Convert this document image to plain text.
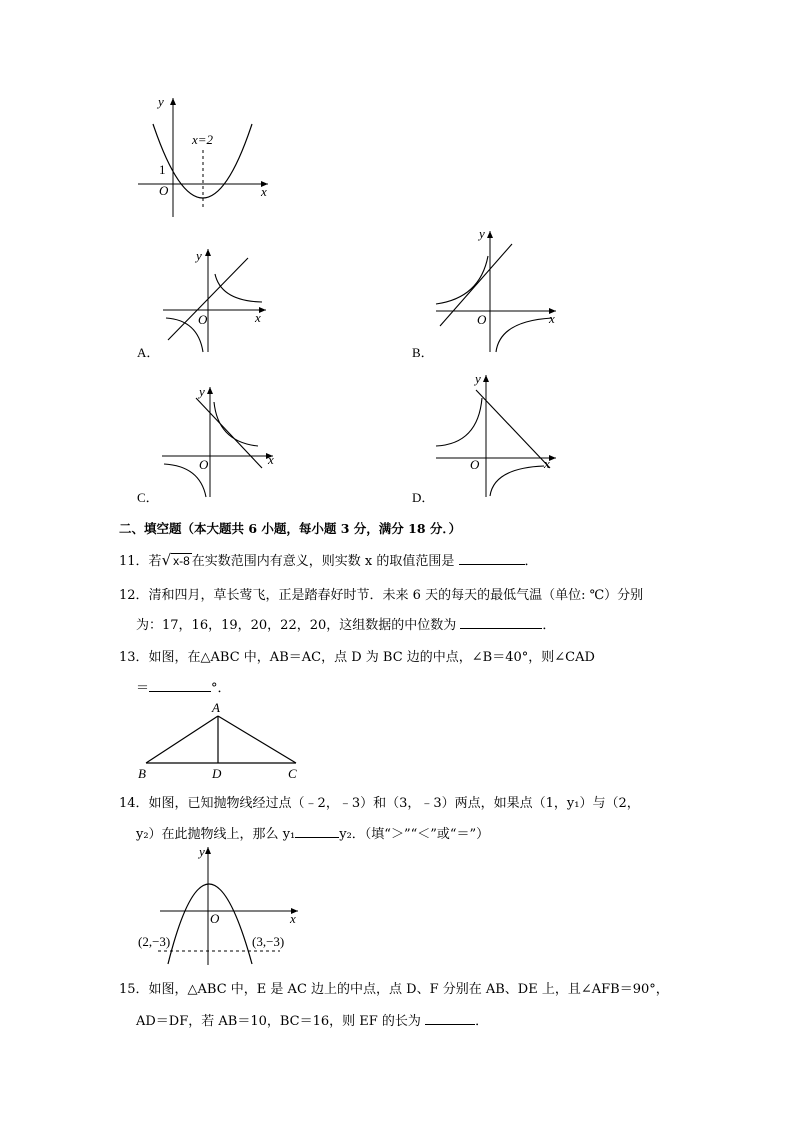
y
x
O
1
x=2
y
x
O
A．
y
x
O
B．
y
x
O
C．
y
x
O
D．
二、填空题（本大题共 6 小题，每小题 3 分，满分 18 分．）
11．若√ x-8 在实数范围内有意义，则实数 x 的取值范围是	．
12．清和四月，草长莺飞，正是踏春好时节．未来 6 天的每天的最低气温（单位: ℃）分别
为：17，16，19，20，22，20，这组数据的中位数为	．
13．如图，在△ABC 中，AB＝AC，点 D 为 BC 边的中点，∠B＝40°，则∠CAD
＝	°．
A
B	D	C
14．如图，已知抛物线经过点（﹣2，﹣3）和（3，﹣3）两点，如果点（1，y₁）与（2，
y₂）在此抛物线上，那么 y₁	y₂．（填“＞”“＜”或“＝”）
y
x
O
(2,−3)	(3,−3)
15．如图，△ABC 中，E 是 AC 边上的中点，点 D、F 分别在 AB、DE 上，且∠AFB＝90°，
AD＝DF，若 AB＝10，BC＝16，则 EF 的长为	．
